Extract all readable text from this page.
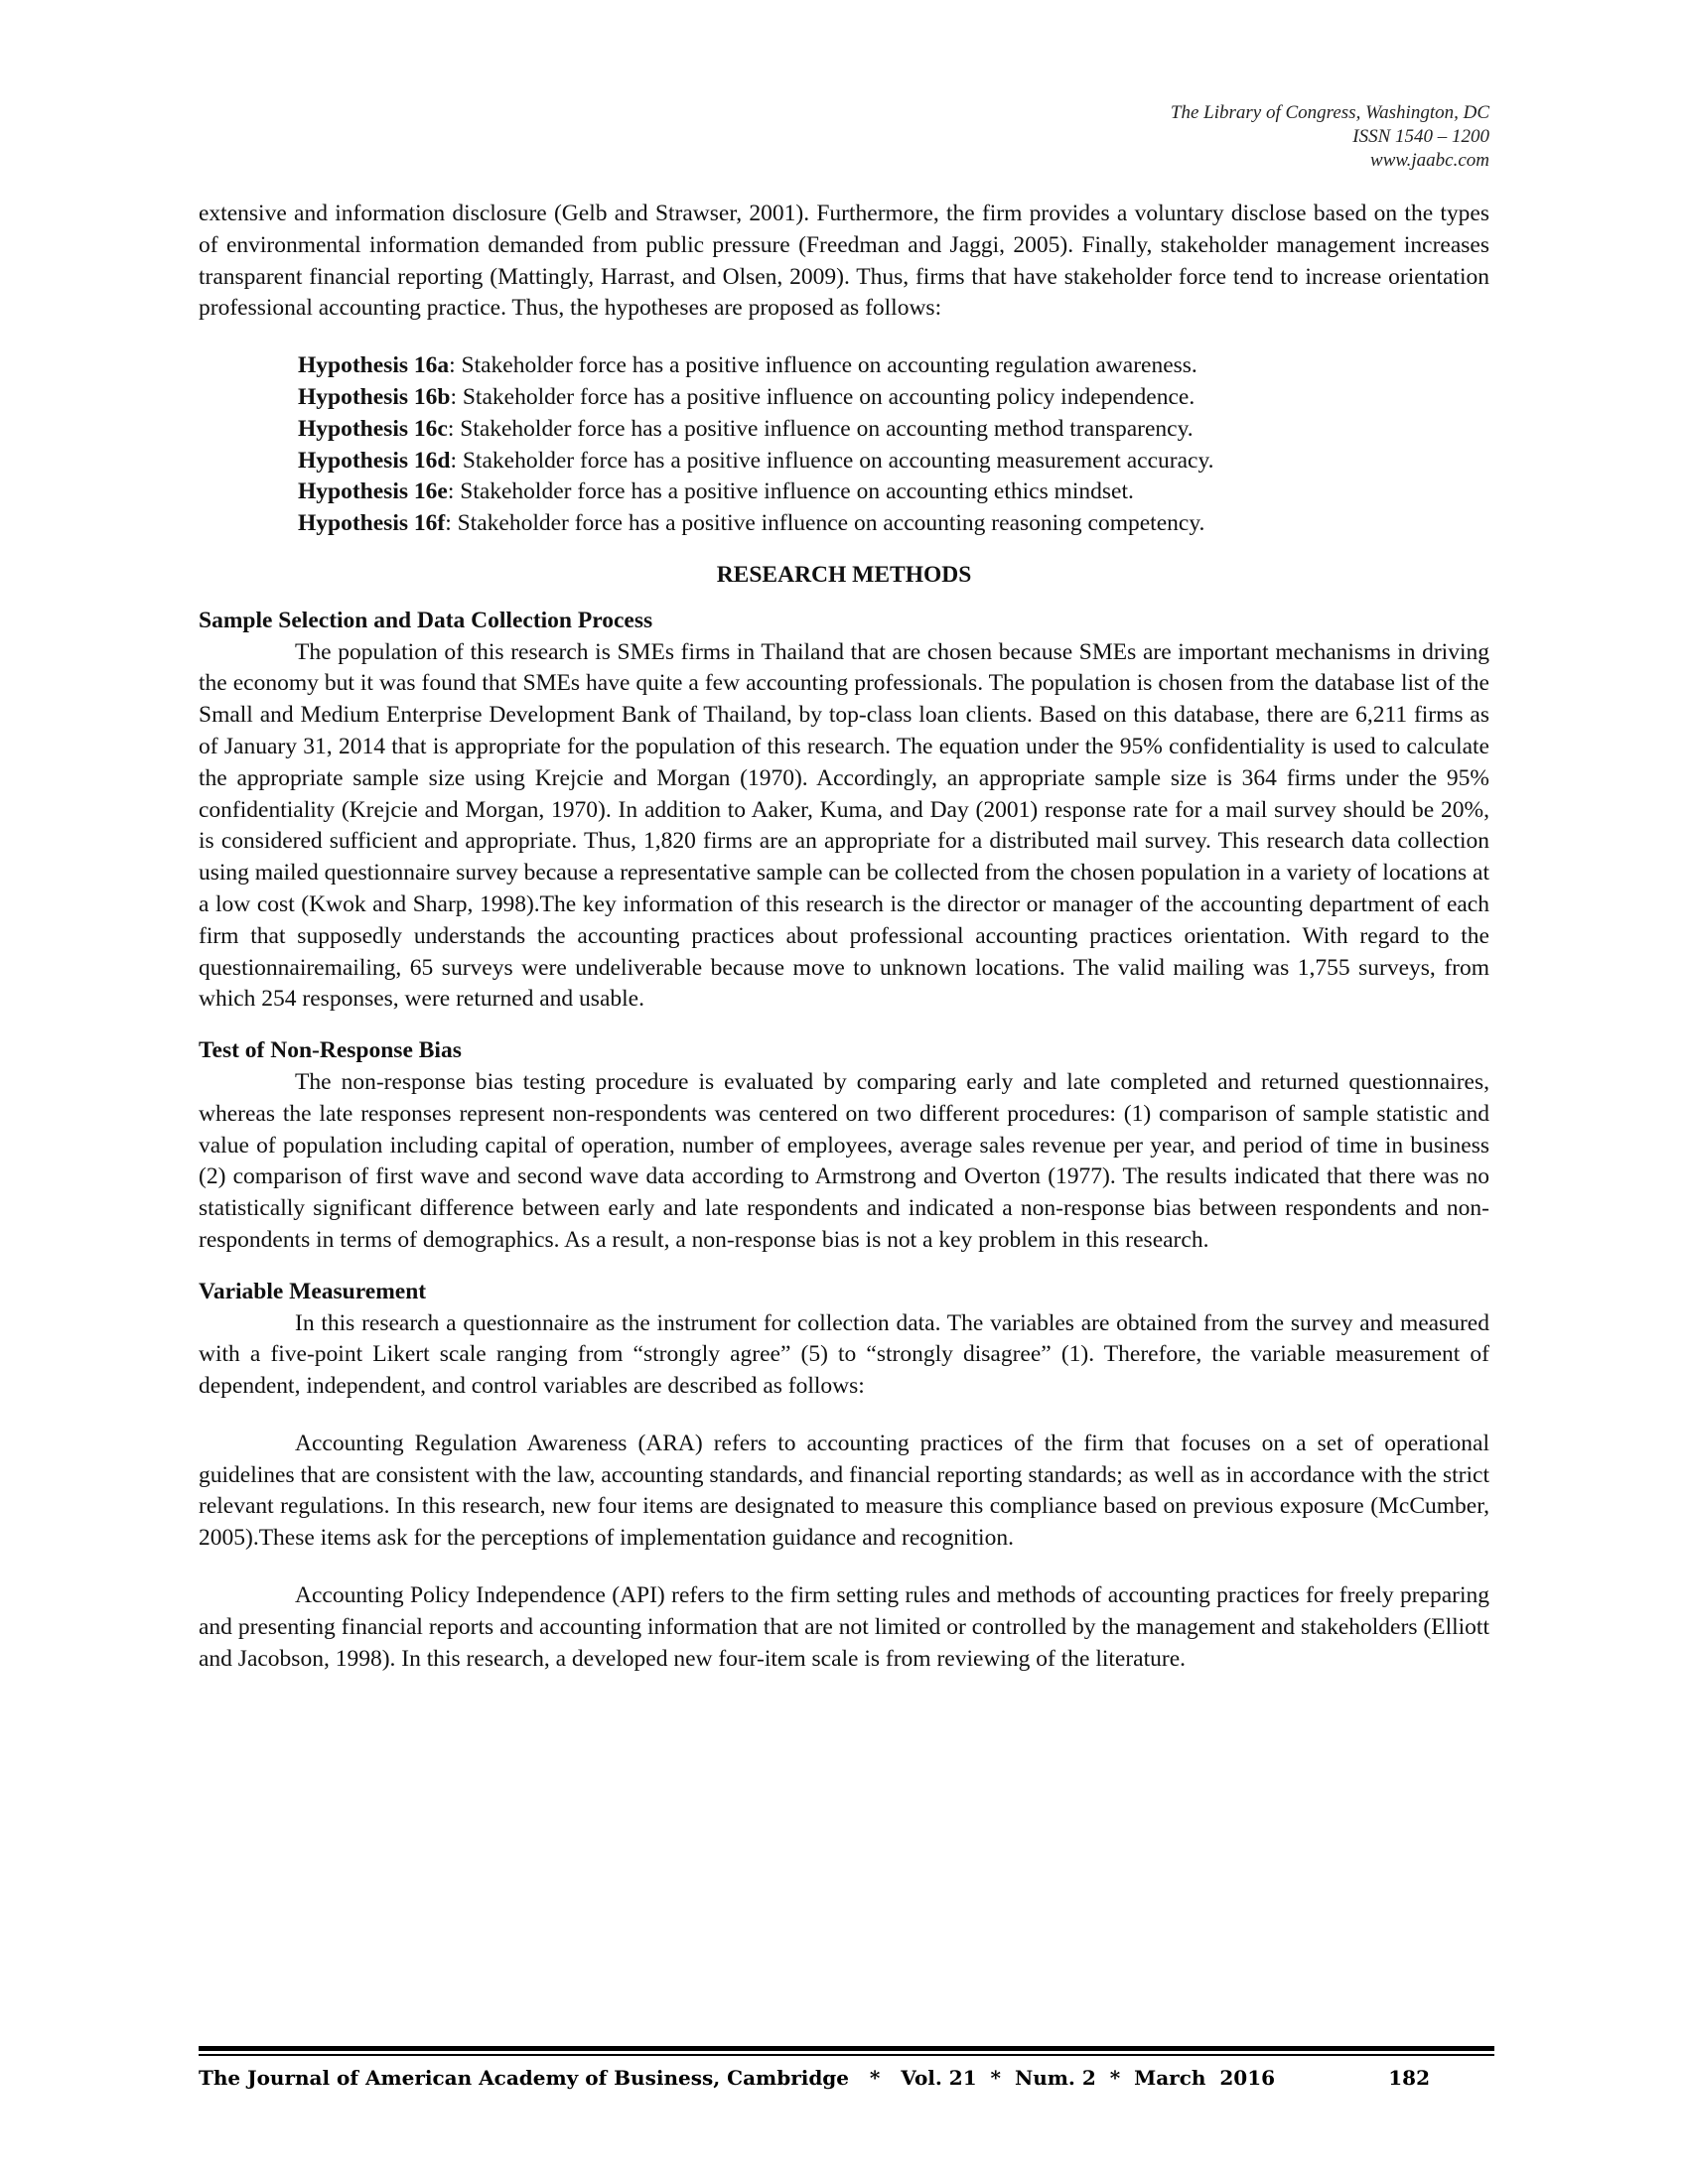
The Library of Congress, Washington, DC
ISSN 1540 – 1200
www.jaabc.com

extensive and information disclosure (Gelb and Strawser, 2001). Furthermore, the firm provides a voluntary disclose based on the types of environmental information demanded from public pressure (Freedman and Jaggi, 2005). Finally, stakeholder management increases transparent financial reporting (Mattingly, Harrast, and Olsen, 2009). Thus, firms that have stakeholder force tend to increase orientation professional accounting practice. Thus, the hypotheses are proposed as follows:

Hypothesis 16a: Stakeholder force has a positive influence on accounting regulation awareness.
Hypothesis 16b: Stakeholder force has a positive influence on accounting policy independence.
Hypothesis 16c: Stakeholder force has a positive influence on accounting method transparency.
Hypothesis 16d: Stakeholder force has a positive influence on accounting measurement accuracy.
Hypothesis 16e: Stakeholder force has a positive influence on accounting ethics mindset.
Hypothesis 16f: Stakeholder force has a positive influence on accounting reasoning competency.
RESEARCH METHODS
Sample Selection and Data Collection Process

The population of this research is SMEs firms in Thailand that are chosen because SMEs are important mechanisms in driving the economy but it was found that SMEs have quite a few accounting professionals. The population is chosen from the database list of the Small and Medium Enterprise Development Bank of Thailand, by top-class loan clients. Based on this database, there are 6,211 firms as of January 31, 2014 that is appropriate for the population of this research. The equation under the 95% confidentiality is used to calculate the appropriate sample size using Krejcie and Morgan (1970). Accordingly, an appropriate sample size is 364 firms under the 95% confidentiality (Krejcie and Morgan, 1970). In addition to Aaker, Kuma, and Day (2001) response rate for a mail survey should be 20%, is considered sufficient and appropriate. Thus, 1,820 firms are an appropriate for a distributed mail survey. This research data collection using mailed questionnaire survey because a representative sample can be collected from the chosen population in a variety of locations at a low cost (Kwok and Sharp, 1998).The key information of this research is the director or manager of the accounting department of each firm that supposedly understands the accounting practices about professional accounting practices orientation. With regard to the questionnairemailing, 65 surveys were undeliverable because move to unknown locations. The valid mailing was 1,755 surveys, from which 254 responses, were returned and usable.

Test of Non-Response Bias

The non-response bias testing procedure is evaluated by comparing early and late completed and returned questionnaires, whereas the late responses represent non-respondents was centered on two different procedures: (1) comparison of sample statistic and value of population including capital of operation, number of employees, average sales revenue per year, and period of time in business (2) comparison of first wave and second wave data according to Armstrong and Overton (1977). The results indicated that there was no statistically significant difference between early and late respondents and indicated a non-response bias between respondents and non-respondents in terms of demographics. As a result, a non-response bias is not a key problem in this research.

Variable Measurement

In this research a questionnaire as the instrument for collection data. The variables are obtained from the survey and measured with a five-point Likert scale ranging from “strongly agree” (5) to “strongly disagree” (1). Therefore, the variable measurement of dependent, independent, and control variables are described as follows:

Accounting Regulation Awareness (ARA) refers to accounting practices of the firm that focuses on a set of operational guidelines that are consistent with the law, accounting standards, and financial reporting standards; as well as in accordance with the strict relevant regulations. In this research, new four items are designated to measure this compliance based on previous exposure (McCumber, 2005).These items ask for the perceptions of implementation guidance and recognition.

Accounting Policy Independence (API) refers to the firm setting rules and methods of accounting practices for freely preparing and presenting financial reports and accounting information that are not limited or controlled by the management and stakeholders (Elliott and Jacobson, 1998). In this research, a developed new four-item scale is from reviewing of the literature.

The Journal of American Academy of Business, Cambridge   *   Vol. 21  *  Num. 2  *  March  2016	182
